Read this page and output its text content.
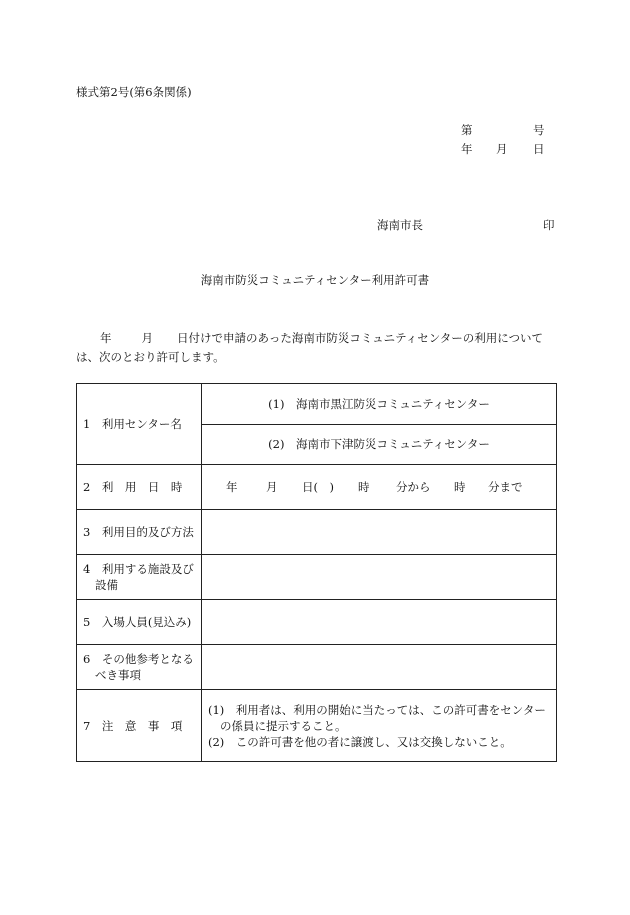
様式第2号(第6条関係)
第	号
年 月 日
海南市長	印
海南市防災コミュニティセンター利用許可書
年	月 日付けで申請のあった海南市防災コミュニティセンターの利用については、次のとおり許可します。
1　利用センター名	(1)　海南市黒江防災コミュニティセンター
	(2)　海南市下津防災コミュニティセンター

2　利　用　日　時	年 月 日(　) 時 分から 時 分まで

3　利用目的及び方法	

4　利用する施設及び設備	

5　入場人員(見込み)	

6　その他参考となるべき事項	

7　注　意　事　項	(1)　利用者は、利用の開始に当たっては、この許可書をセンターの係員に提示すること。
(2)　この許可書を他の者に譲渡し、又は交換しないこと。
